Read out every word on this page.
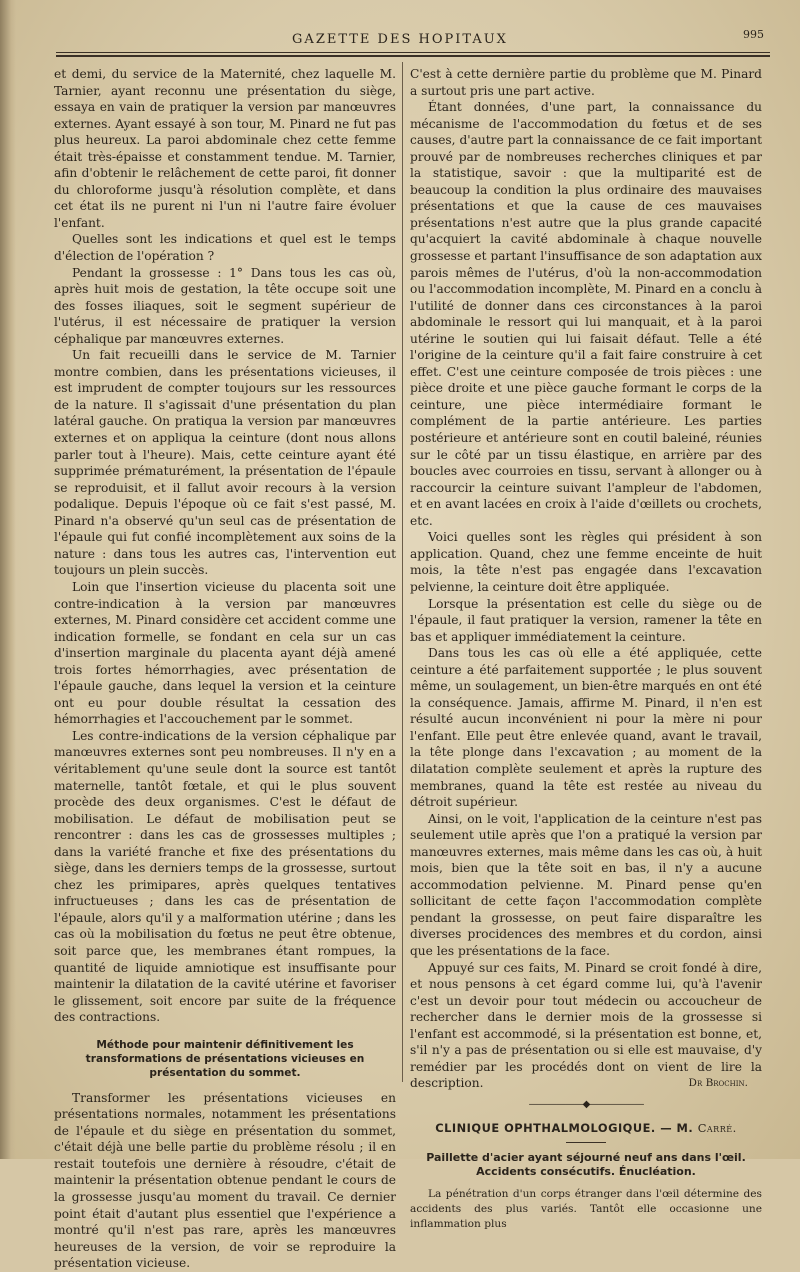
GAZETTE DES HOPITAUX	995

et demi, du service de la Maternité, chez laquelle M. Tarnier, ayant reconnu une présentation du siège, essaya en vain de pratiquer la version par manœuvres externes. Ayant essayé à son tour, M. Pinard ne fut pas plus heureux. La paroi abdominale chez cette femme était très-épaisse et constamment tendue. M. Tarnier, afin d'obtenir le relâchement de cette paroi, fit donner du chloroforme jusqu'à résolution complète, et dans cet état ils ne purent ni l'un ni l'autre faire évoluer l'enfant.

Quelles sont les indications et quel est le temps d'élection de l'opération ?

Pendant la grossesse : 1° Dans tous les cas où, après huit mois de gestation, la tête occupe soit une des fosses iliaques, soit le segment supérieur de l'utérus, il est nécessaire de pratiquer la version céphalique par manœuvres externes.

Un fait recueilli dans le service de M. Tarnier montre combien, dans les présentations vicieuses, il est imprudent de compter toujours sur les ressources de la nature. Il s'agissait d'une présentation du plan latéral gauche. On pratiqua la version par manœuvres externes et on appliqua la ceinture (dont nous allons parler tout à l'heure). Mais, cette ceinture ayant été supprimée prématurément, la présentation de l'épaule se reproduisit, et il fallut avoir recours à la version podalique. Depuis l'époque où ce fait s'est passé, M. Pinard n'a observé qu'un seul cas de présentation de l'épaule qui fut confié incomplètement aux soins de la nature : dans tous les autres cas, l'intervention eut toujours un plein succès.

Loin que l'insertion vicieuse du placenta soit une contre-indication à la version par manœuvres externes, M. Pinard considère cet accident comme une indication formelle, se fondant en cela sur un cas d'insertion marginale du placenta ayant déjà amené trois fortes hémorrhagies, avec présentation de l'épaule gauche, dans lequel la version et la ceinture ont eu pour double résultat la cessation des hémorrhagies et l'accouchement par le sommet.

Les contre-indications de la version céphalique par manœuvres externes sont peu nombreuses. Il n'y en a véritablement qu'une seule dont la source est tantôt maternelle, tantôt fœtale, et qui le plus souvent procède des deux organismes. C'est le défaut de mobilisation. Le défaut de mobilisation peut se rencontrer : dans les cas de grossesses multiples ; dans la variété franche et fixe des présentations du siège, dans les derniers temps de la grossesse, surtout chez les primipares, après quelques tentatives infructueuses ; dans les cas de présentation de l'épaule, alors qu'il y a malformation utérine ; dans les cas où la mobilisation du fœtus ne peut être obtenue, soit parce que, les membranes étant rompues, la quantité de liquide amniotique est insuffisante pour maintenir la dilatation de la cavité utérine et favoriser le glissement, soit encore par suite de la fréquence des contractions.

Méthode pour maintenir définitivement les transformations de présentations vicieuses en présentation du sommet.

Transformer les présentations vicieuses en présentations normales, notamment les présentations de l'épaule et du siège en présentation du sommet, c'était déjà une belle partie du problème résolu ; il en restait toutefois une dernière à résoudre, c'était de maintenir la présentation obtenue pendant le cours de la grossesse jusqu'au moment du travail. Ce dernier point était d'autant plus essentiel que l'expérience a montré qu'il n'est pas rare, après les manœuvres heureuses de la version, de voir se reproduire la présentation vicieuse.

C'est à cette dernière partie du problème que M. Pinard a surtout pris une part active.

Étant données, d'une part, la connaissance du mécanisme de l'accommodation du fœtus et de ses causes, d'autre part la connaissance de ce fait important prouvé par de nombreuses recherches cliniques et par la statistique, savoir : que la multiparité est de beaucoup la condition la plus ordinaire des mauvaises présentations et que la cause de ces mauvaises présentations n'est autre que la plus grande capacité qu'acquiert la cavité abdominale à chaque nouvelle grossesse et partant l'insuffisance de son adaptation aux parois mêmes de l'utérus, d'où la non-accommodation ou l'accommodation incomplète, M. Pinard en a conclu à l'utilité de donner dans ces circonstances à la paroi abdominale le ressort qui lui manquait, et à la paroi utérine le soutien qui lui faisait défaut. Telle a été l'origine de la ceinture qu'il a fait faire construire à cet effet. C'est une ceinture composée de trois pièces : une pièce droite et une pièce gauche formant le corps de la ceinture, une pièce intermédiaire formant le complément de la partie antérieure. Les parties postérieure et antérieure sont en coutil baleiné, réunies sur le côté par un tissu élastique, en arrière par des boucles avec courroies en tissu, servant à allonger ou à raccourcir la ceinture suivant l'ampleur de l'abdomen, et en avant lacées en croix à l'aide d'œillets ou crochets, etc.

Voici quelles sont les règles qui président à son application. Quand, chez une femme enceinte de huit mois, la tête n'est pas engagée dans l'excavation pelvienne, la ceinture doit être appliquée.

Lorsque la présentation est celle du siège ou de l'épaule, il faut pratiquer la version, ramener la tête en bas et appliquer immédiatement la ceinture.

Dans tous les cas où elle a été appliquée, cette ceinture a été parfaitement supportée ; le plus souvent même, un soulagement, un bien-être marqués en ont été la conséquence. Jamais, affirme M. Pinard, il n'en est résulté aucun inconvénient ni pour la mère ni pour l'enfant. Elle peut être enlevée quand, avant le travail, la tête plonge dans l'excavation ; au moment de la dilatation complète seulement et après la rupture des membranes, quand la tête est restée au niveau du détroit supérieur.

Ainsi, on le voit, l'application de la ceinture n'est pas seulement utile après que l'on a pratiqué la version par manœuvres externes, mais même dans les cas où, à huit mois, bien que la tête soit en bas, il n'y a aucune accommodation pelvienne. M. Pinard pense qu'en sollicitant de cette façon l'accommodation complète pendant la grossesse, on peut faire disparaître les diverses procidences des membres et du cordon, ainsi que les présentations de la face.

Appuyé sur ces faits, M. Pinard se croit fondé à dire, et nous pensons à cet égard comme lui, qu'à l'avenir c'est un devoir pour tout médecin ou accoucheur de rechercher dans le dernier mois de la grossesse si l'enfant est accommodé, si la présentation est bonne, et, s'il n'y a pas de présentation ou si elle est mauvaise, d'y remédier par les procédés dont on vient de lire la description.	Dr Brochin.

——————◆——————
CLINIQUE OPHTHALMOLOGIQUE. — M. Carré.
Paillette d'acier ayant séjourné neuf ans dans l'œil. Accidents consécutifs. Énucléation.

La pénétration d'un corps étranger dans l'œil détermine des accidents des plus variés. Tantôt elle occasionne une inflammation plus
